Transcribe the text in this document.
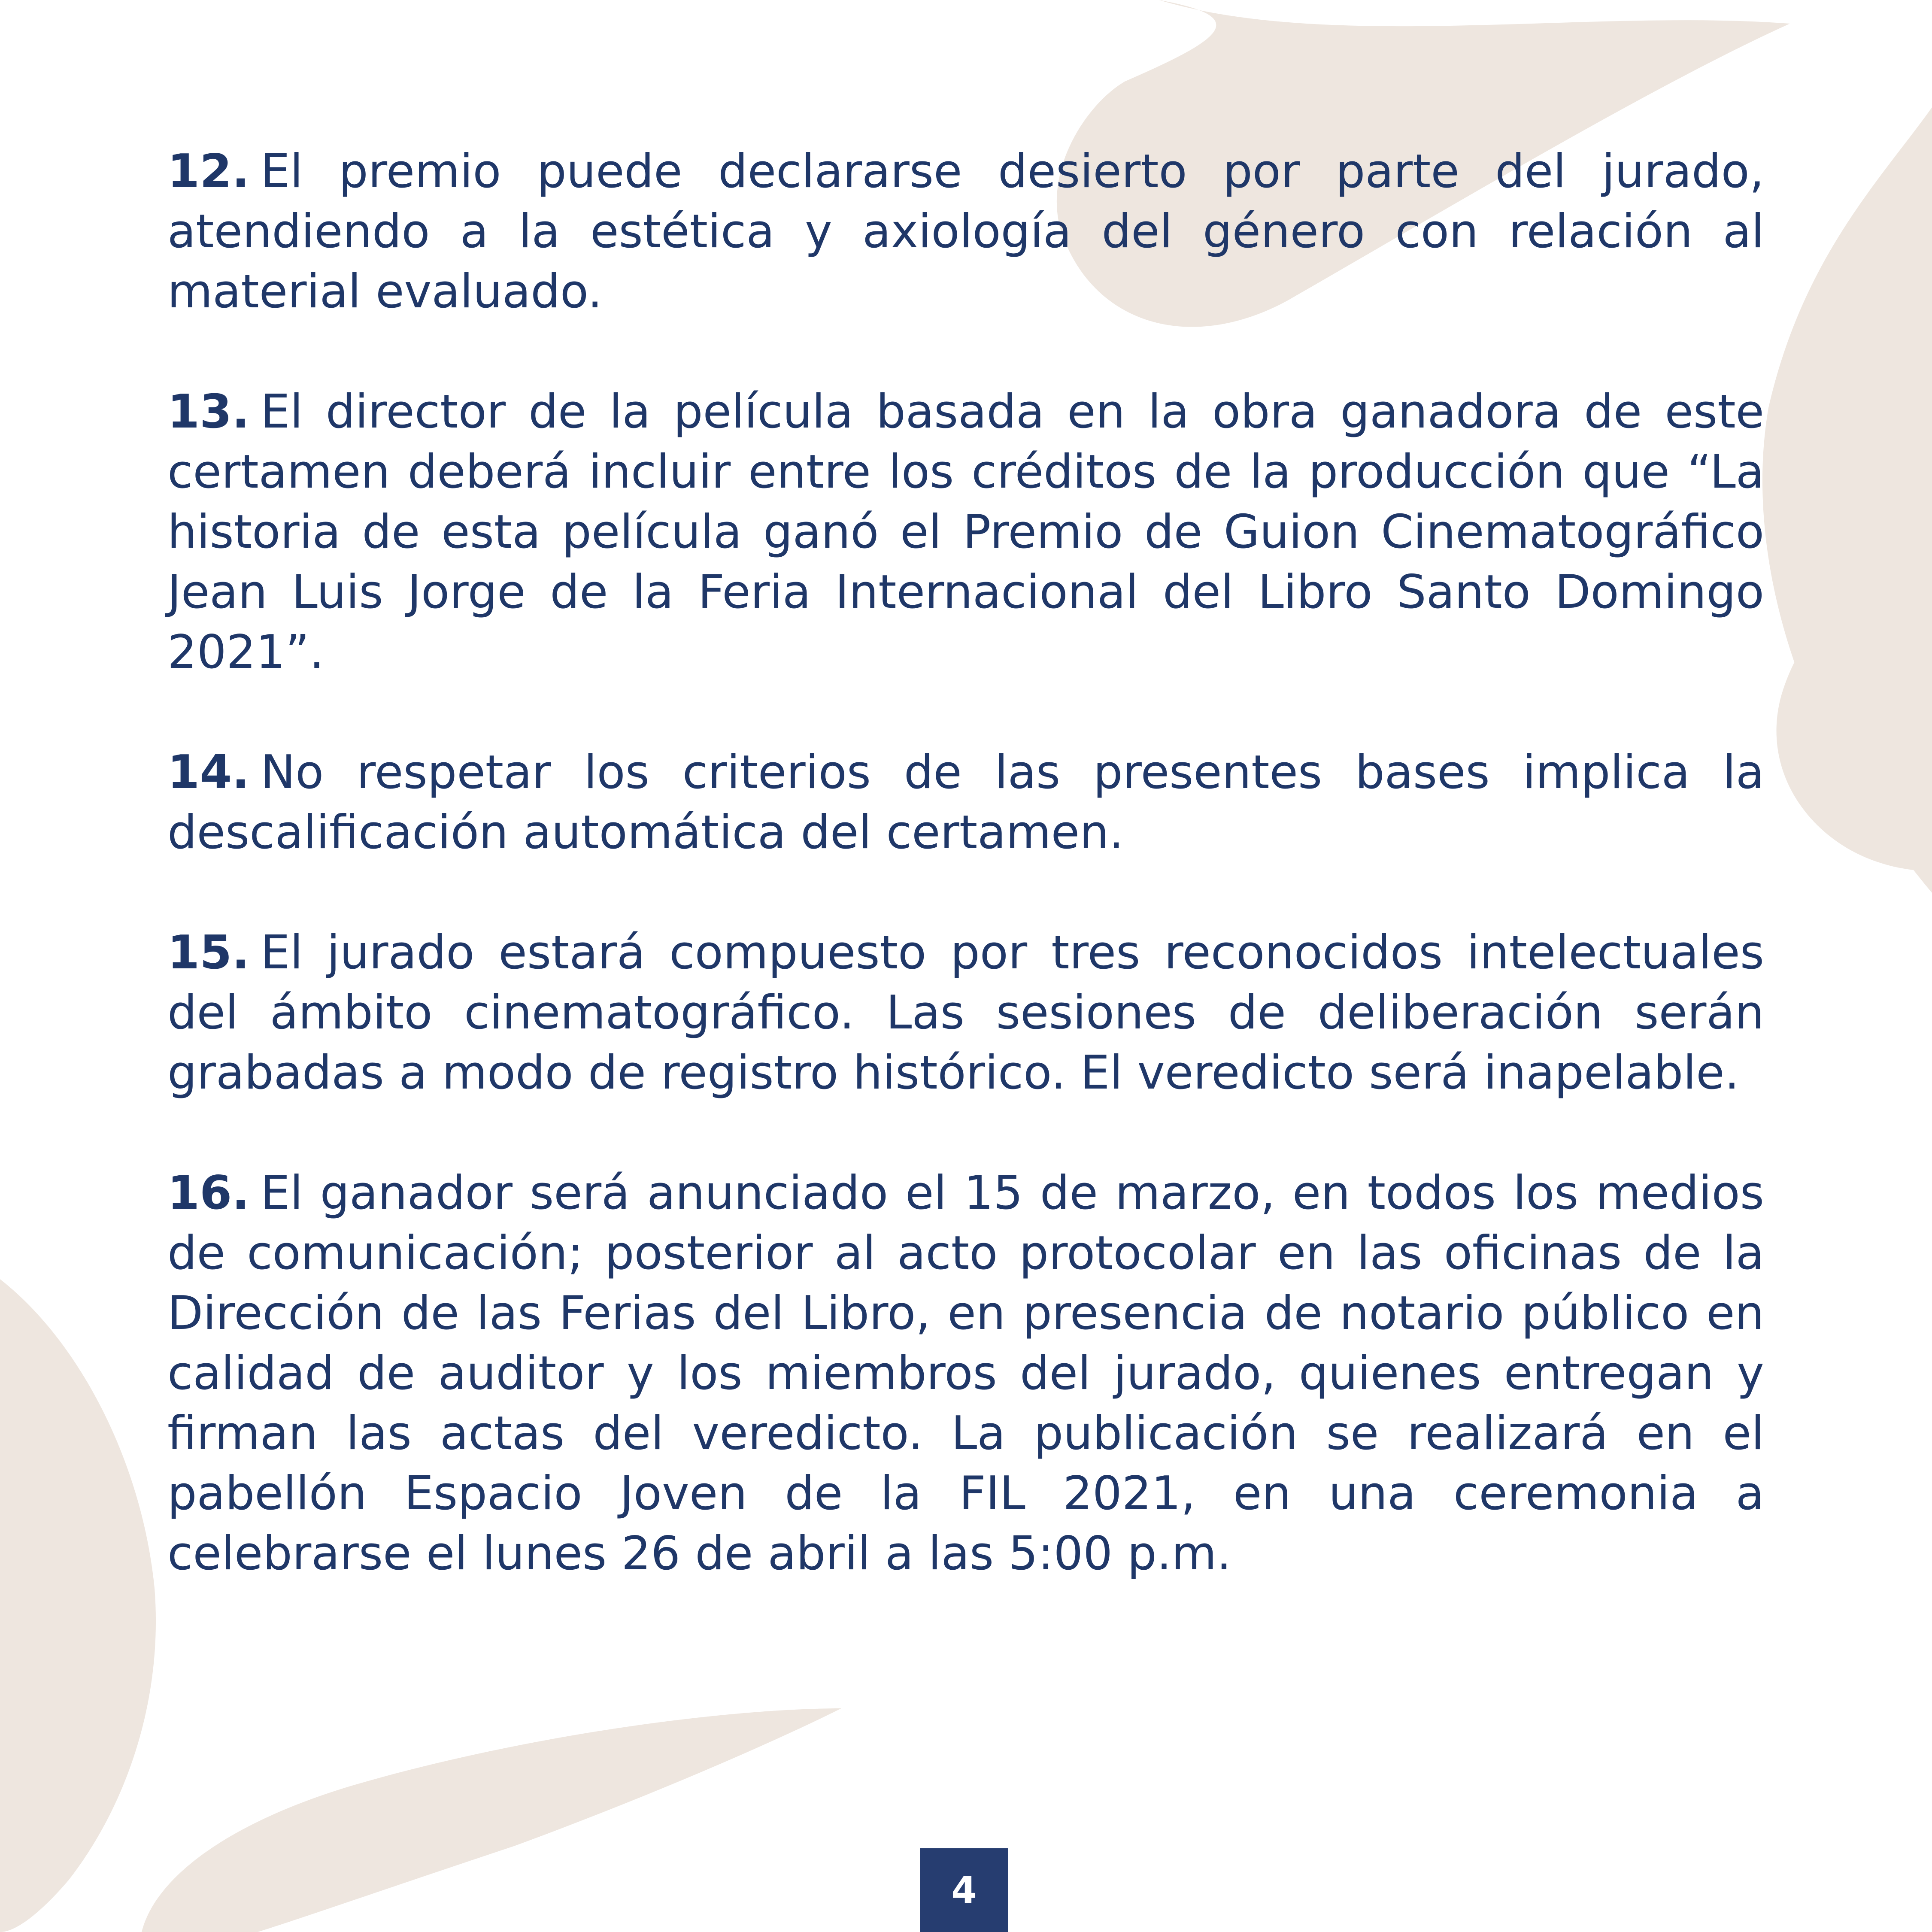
12. El premio puede declararse desierto por parte del jurado, atendiendo a la estética y axiología del género con relación al material evaluado.

13. El director de la película basada en la obra ganadora de este certamen deberá incluir entre los créditos de la producción que “La historia de esta película ganó el Premio de Guion Cinematográfico Jean Luis Jorge de la Feria Internacional del Libro Santo Domingo 2021”.

14. No respetar los criterios de las presentes bases implica la descalificación automática del certamen.

15. El jurado estará compuesto por tres reconocidos intelectuales del ámbito cinematográfico. Las sesiones de deliberación serán grabadas a modo de registro histórico. El veredicto será inapelable.

16. El ganador será anunciado el 15 de marzo, en todos los medios de comunicación; posterior al acto protocolar en las oficinas de la Dirección de las Ferias del Libro, en presencia de notario público en calidad de auditor y los miembros del jurado, quienes entregan y firman las actas del veredicto. La publicación se realizará en el pabellón Espacio Joven de la FIL 2021, en una ceremonia a celebrarse el lunes 26 de abril a las 5:00 p.m.

4
